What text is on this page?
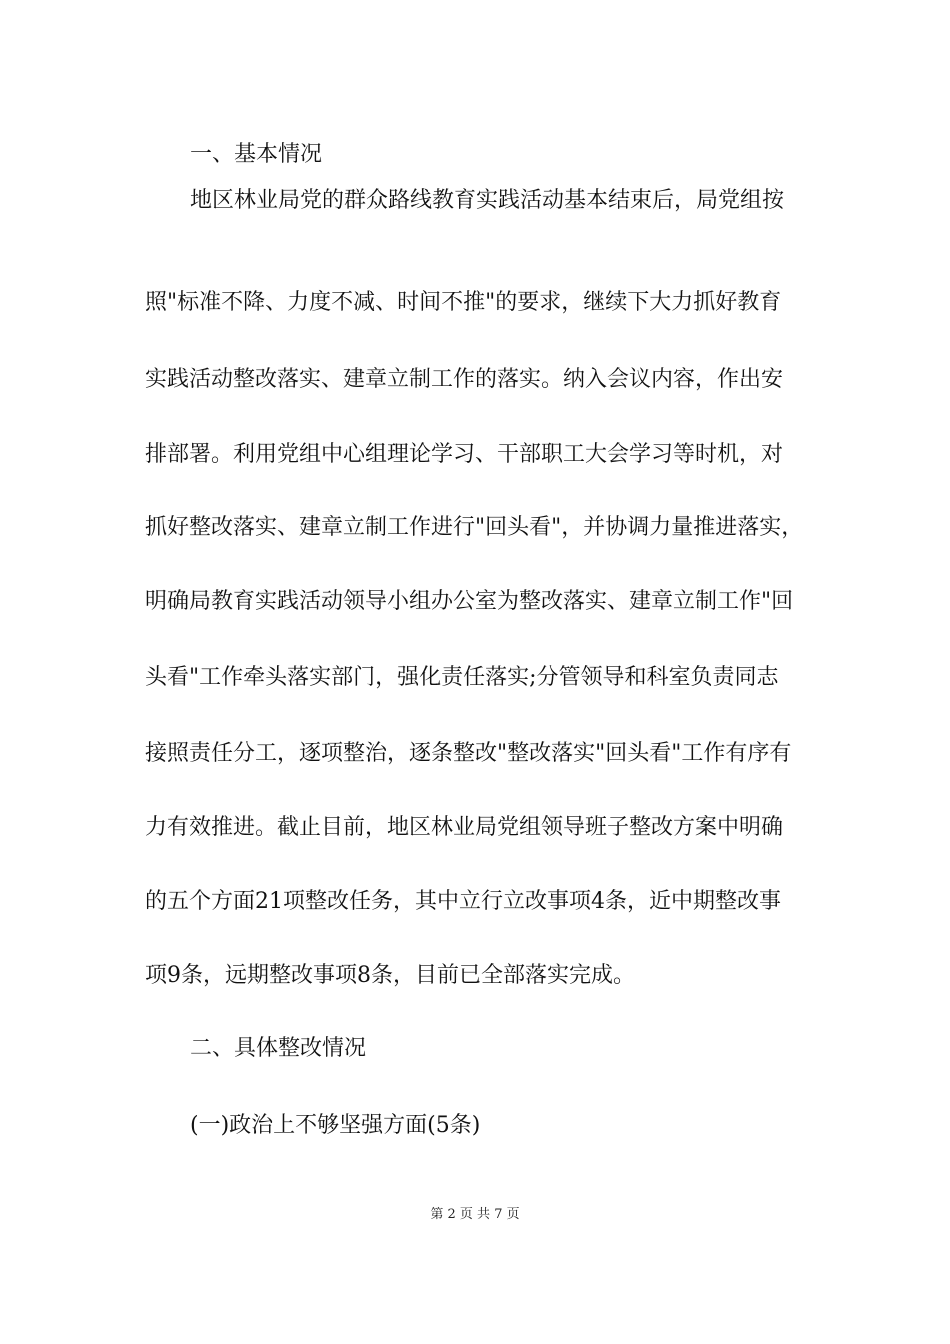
一、基本情况
地区林业局党的群众路线教育实践活动基本结束后，局党组按
照"标准不降、力度不减、时间不推"的要求，继续下大力抓好教育
实践活动整改落实、建章立制工作的落实。纳入会议内容，作出安
排部署。利用党组中心组理论学习、干部职工大会学习等时机，对
抓好整改落实、建章立制工作进行"回头看"，并协调力量推进落实，
明确局教育实践活动领导小组办公室为整改落实、建章立制工作"回
头看"工作牵头落实部门，强化责任落实;分管领导和科室负责同志
接照责任分工，逐项整治，逐条整改"整改落实"回头看"工作有序有
力有效推进。截止目前，地区林业局党组领导班子整改方案中明确
的五个方面21项整改任务，其中立行立改事项4条，近中期整改事
项9条，远期整改事项8条，目前已全部落实完成。
二、具体整改情况
(一)政治上不够坚强方面(5条)
第 2 页 共 7 页
